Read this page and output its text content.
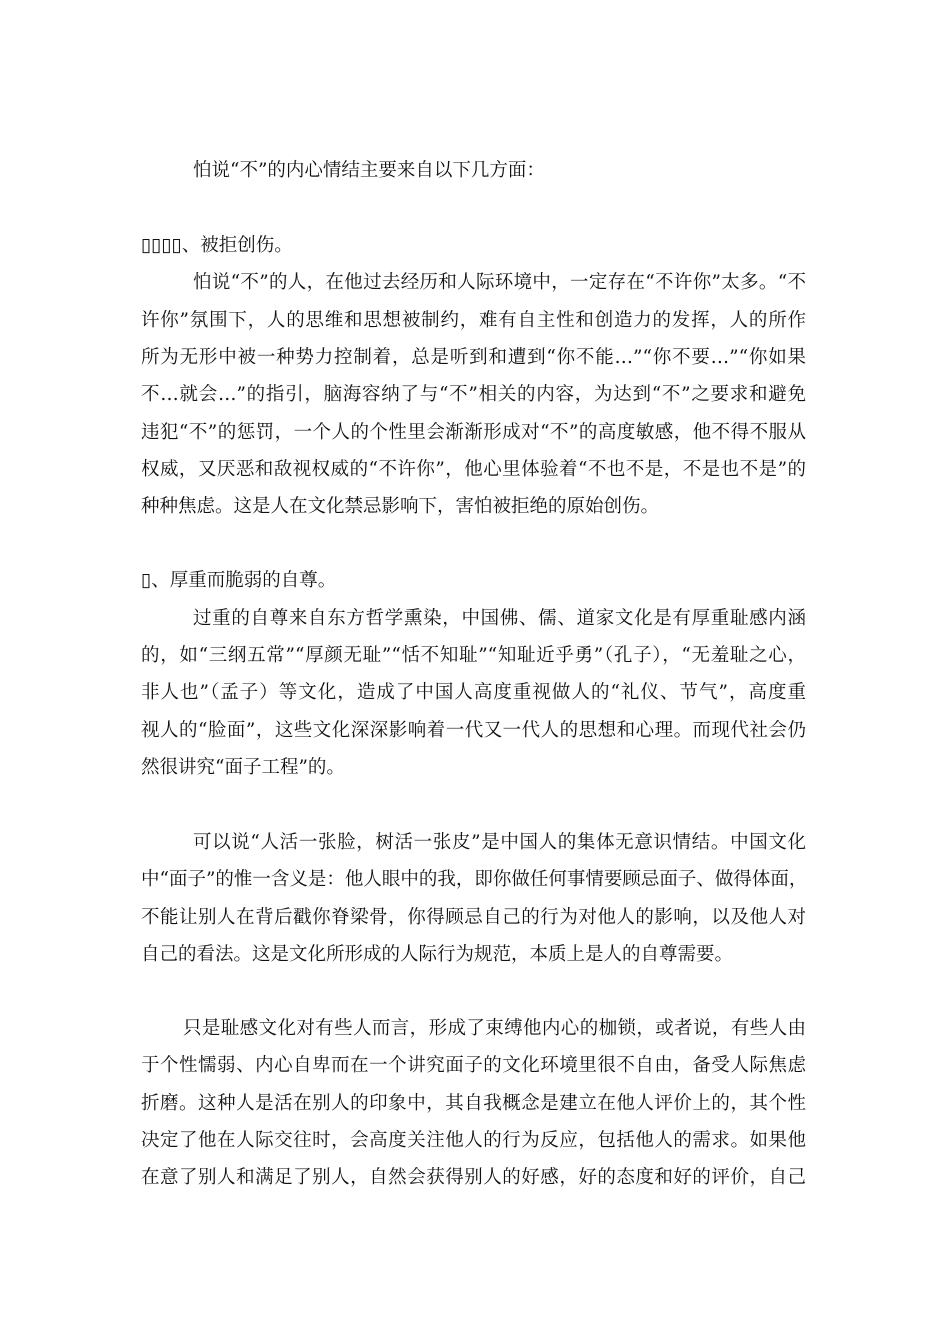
怕说“不”的内心情结主要来自以下几方面：
▯▯▯▯、被拒创伤。
怕说“不”的人，在他过去经历和人际环境中，一定存在“不许你”太多。“不
许你”氛围下，人的思维和思想被制约，难有自主性和创造力的发挥，人的所作
所为无形中被一种势力控制着，总是听到和遭到“你不能…”“你不要…”“你如果
不…就会…”的指引，脑海容纳了与“不”相关的内容，为达到“不”之要求和避免
违犯“不”的惩罚，一个人的个性里会渐渐形成对“不”的高度敏感，他不得不服从
权威，又厌恶和敌视权威的“不许你”，他心里体验着“不也不是，不是也不是”的
种种焦虑。这是人在文化禁忌影响下，害怕被拒绝的原始创伤。
▯、厚重而脆弱的自尊。
过重的自尊来自东方哲学熏染，中国佛、儒、道家文化是有厚重耻感内涵
的，如“三纲五常”“厚颜无耻”“恬不知耻”“知耻近乎勇”（孔子），“无羞耻之心，
非人也”（孟子）等文化，造成了中国人高度重视做人的“礼仪、节气”，高度重
视人的“脸面”，这些文化深深影响着一代又一代人的思想和心理。而现代社会仍
然很讲究“面子工程”的。
可以说“人活一张脸，树活一张皮”是中国人的集体无意识情结。中国文化
中“面子”的惟一含义是：他人眼中的我，即你做任何事情要顾忌面子、做得体面，
不能让别人在背后戳你脊梁骨，你得顾忌自己的行为对他人的影响，以及他人对
自己的看法。这是文化所形成的人际行为规范，本质上是人的自尊需要。
只是耻感文化对有些人而言，形成了束缚他内心的枷锁，或者说，有些人由
于个性懦弱、内心自卑而在一个讲究面子的文化环境里很不自由，备受人际焦虑
折磨。这种人是活在别人的印象中，其自我概念是建立在他人评价上的，其个性
决定了他在人际交往时，会高度关注他人的行为反应，包括他人的需求。如果他
在意了别人和满足了别人，自然会获得别人的好感，好的态度和好的评价，自己
